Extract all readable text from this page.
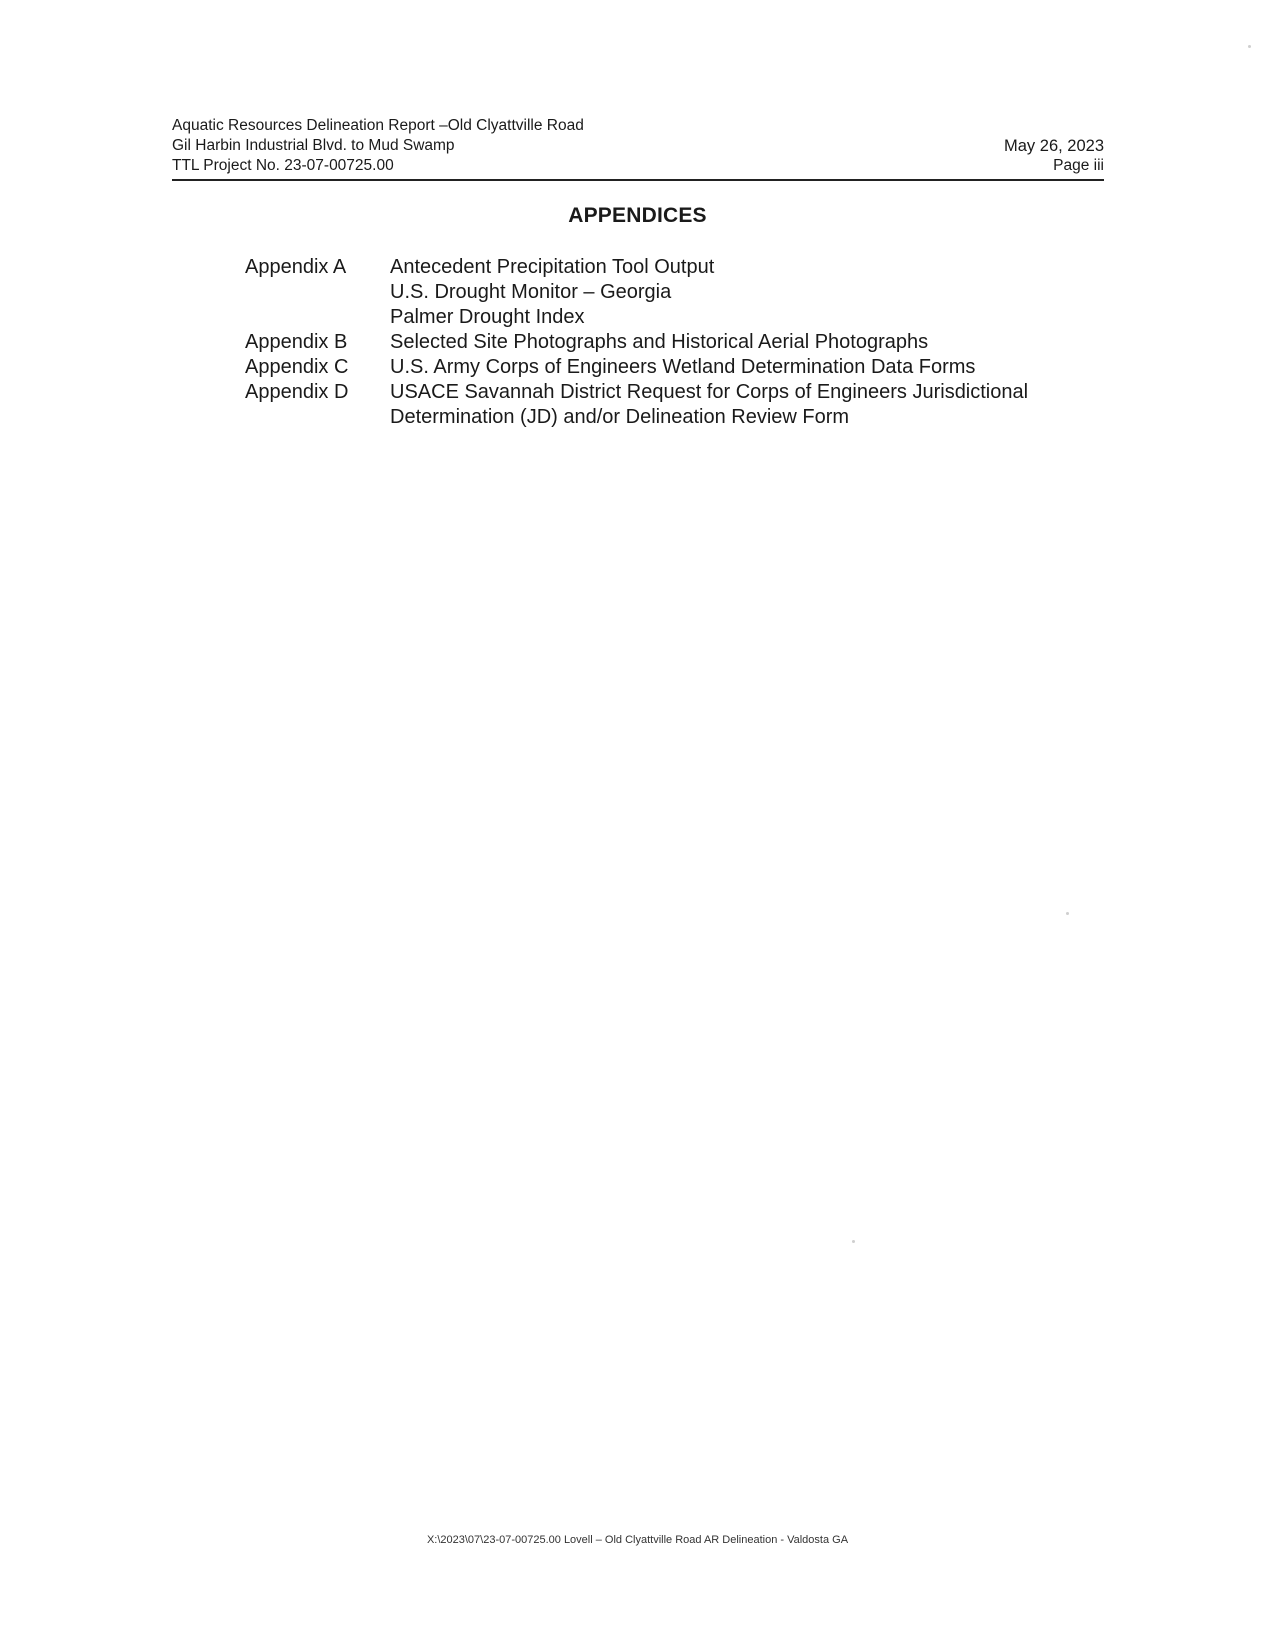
Aquatic Resources Delineation Report –Old Clyattville Road
Gil Harbin Industrial Blvd. to Mud Swamp
TTL Project No. 23-07-00725.00
May 26, 2023
Page iii
APPENDICES
Appendix A	Antecedent Precipitation Tool Output
U.S. Drought Monitor – Georgia
Palmer Drought Index
Appendix B	Selected Site Photographs and Historical Aerial Photographs
Appendix C	U.S. Army Corps of Engineers Wetland Determination Data Forms
Appendix D	USACE Savannah District Request for Corps of Engineers Jurisdictional
Determination (JD) and/or Delineation Review Form
X:\2023\07\23-07-00725.00 Lovell – Old Clyattville Road AR Delineation - Valdosta GA
